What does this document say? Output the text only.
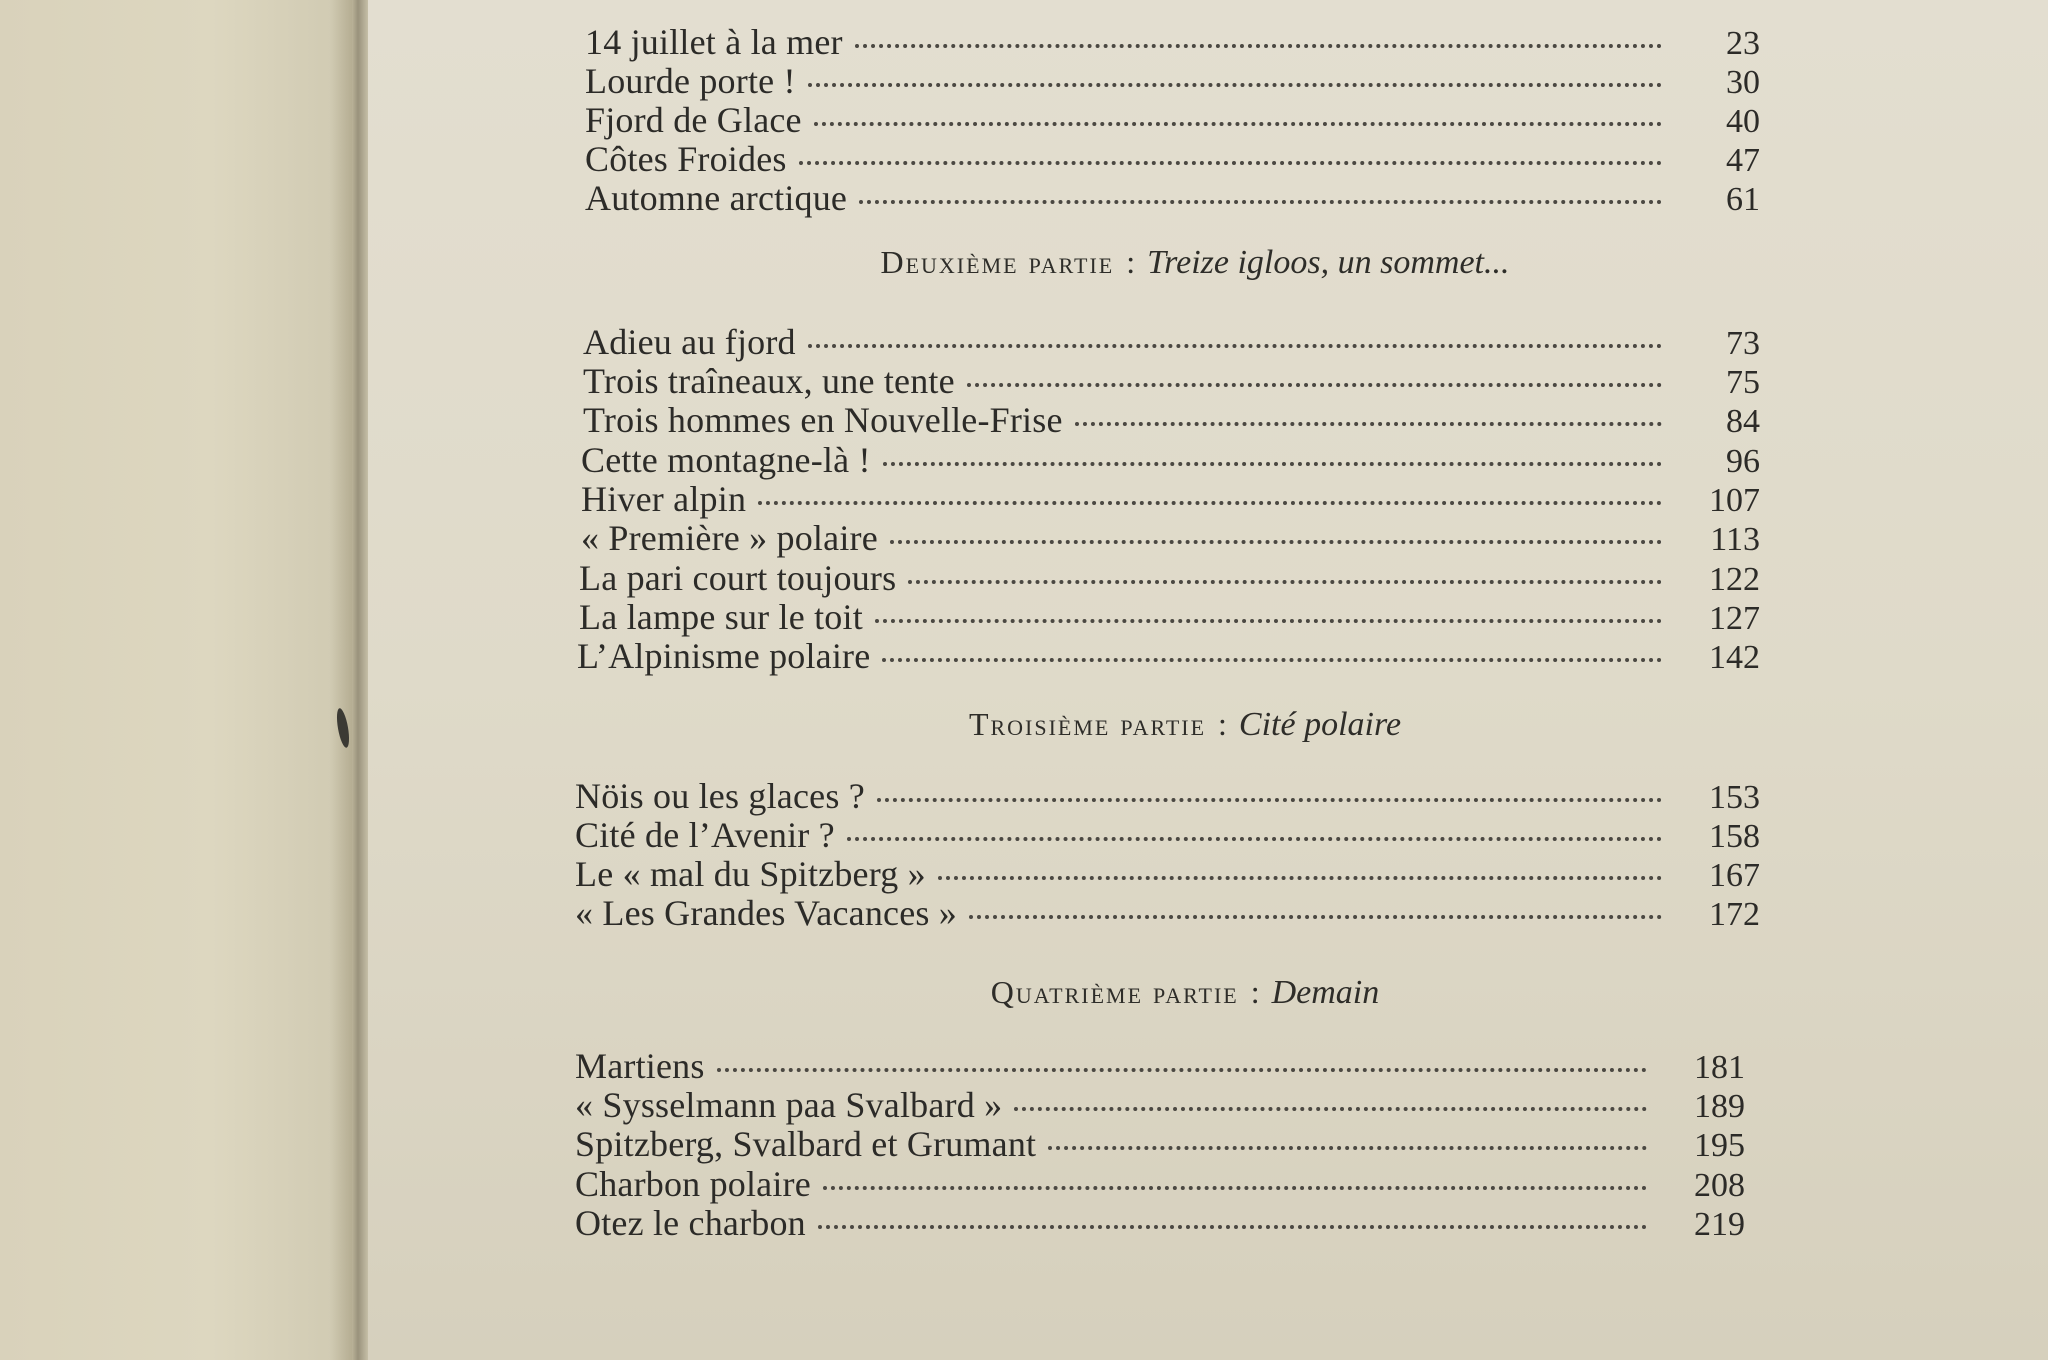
14 juillet à la mer	23
Lourde porte !	30
Fjord de Glace	40
Côtes Froides	47
Automne arctique	61
Deuxième partie : Treize igloos, un sommet...
Adieu au fjord	73
Trois traîneaux, une tente	75
Trois hommes en Nouvelle-Frise	84
Cette montagne-là !	96
Hiver alpin	107
« Première » polaire	113
La pari court toujours	122
La lampe sur le toit	127
L’Alpinisme polaire	142
Troisième partie : Cité polaire
Nöis ou les glaces ?	153
Cité de l’Avenir ?	158
Le « mal du Spitzberg »	167
« Les Grandes Vacances »	172
Quatrième partie : Demain
Martiens	181
« Sysselmann paa Svalbard »	189
Spitzberg, Svalbard et Grumant	195
Charbon polaire	208
Otez le charbon	219
